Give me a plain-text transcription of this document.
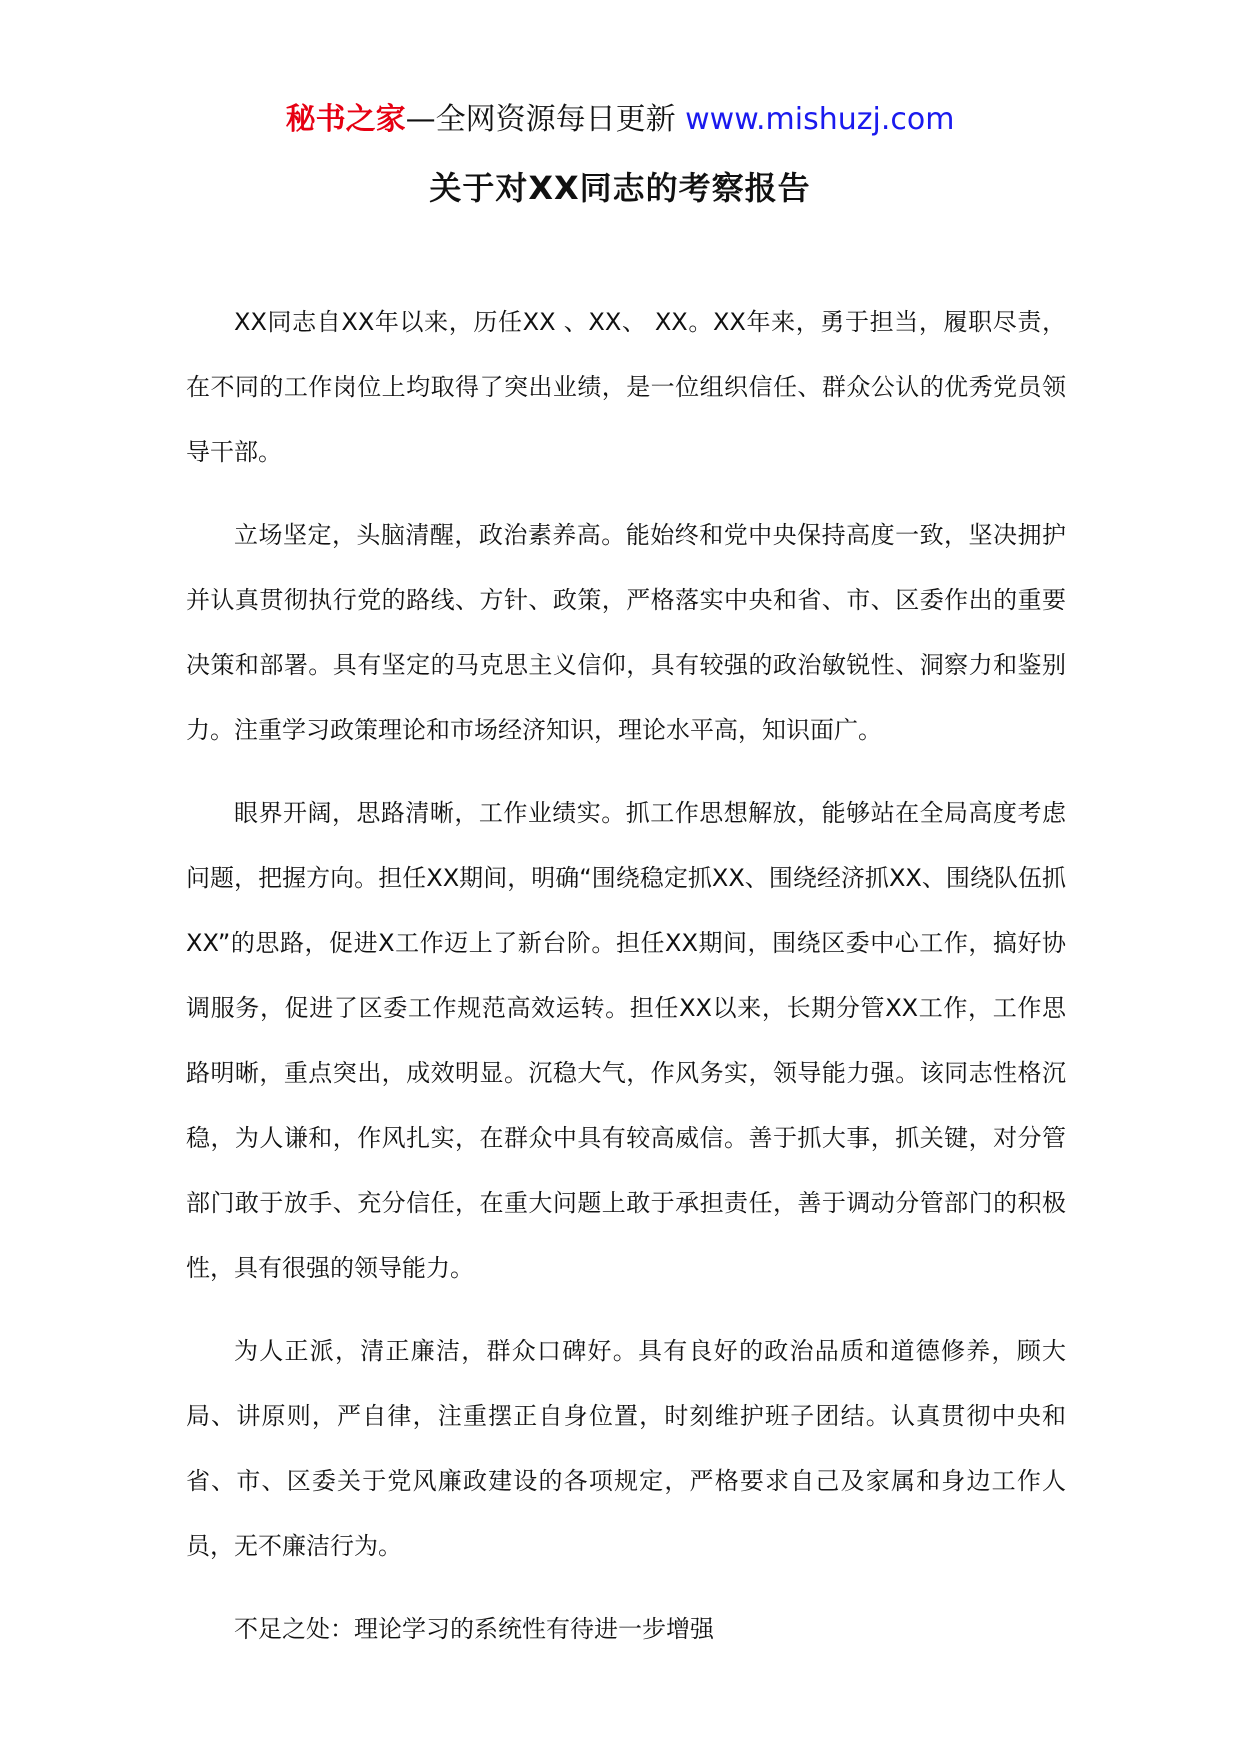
秘书之家—全网资源每日更新 www.mishuzj.com
关于对XX同志的考察报告

XX同志自XX年以来，历任XX 、XX、 XX。XX年来，勇于担当，履职尽责，在不同的工作岗位上均取得了突出业绩，是一位组织信任、群众公认的优秀党员领导干部。

立场坚定，头脑清醒，政治素养高。能始终和党中央保持高度一致，坚决拥护并认真贯彻执行党的路线、方针、政策，严格落实中央和省、市、区委作出的重要决策和部署。具有坚定的马克思主义信仰，具有较强的政治敏锐性、洞察力和鉴别力。注重学习政策理论和市场经济知识，理论水平高，知识面广。

眼界开阔，思路清晰，工作业绩实。抓工作思想解放，能够站在全局高度考虑问题，把握方向。担任XX期间，明确“围绕稳定抓XX、围绕经济抓XX、围绕队伍抓XX”的思路，促进X工作迈上了新台阶。担任XX期间，围绕区委中心工作，搞好协调服务，促进了区委工作规范高效运转。担任XX以来，长期分管XX工作，工作思路明晰，重点突出，成效明显。沉稳大气，作风务实，领导能力强。该同志性格沉稳，为人谦和，作风扎实，在群众中具有较高威信。善于抓大事，抓关键，对分管部门敢于放手、充分信任，在重大问题上敢于承担责任，善于调动分管部门的积极性，具有很强的领导能力。

为人正派，清正廉洁，群众口碑好。具有良好的政治品质和道德修养，顾大局、讲原则，严自律，注重摆正自身位置，时刻维护班子团结。认真贯彻中央和省、市、区委关于党风廉政建设的各项规定，严格要求自己及家属和身边工作人员，无不廉洁行为。

不足之处：理论学习的系统性有待进一步增强
